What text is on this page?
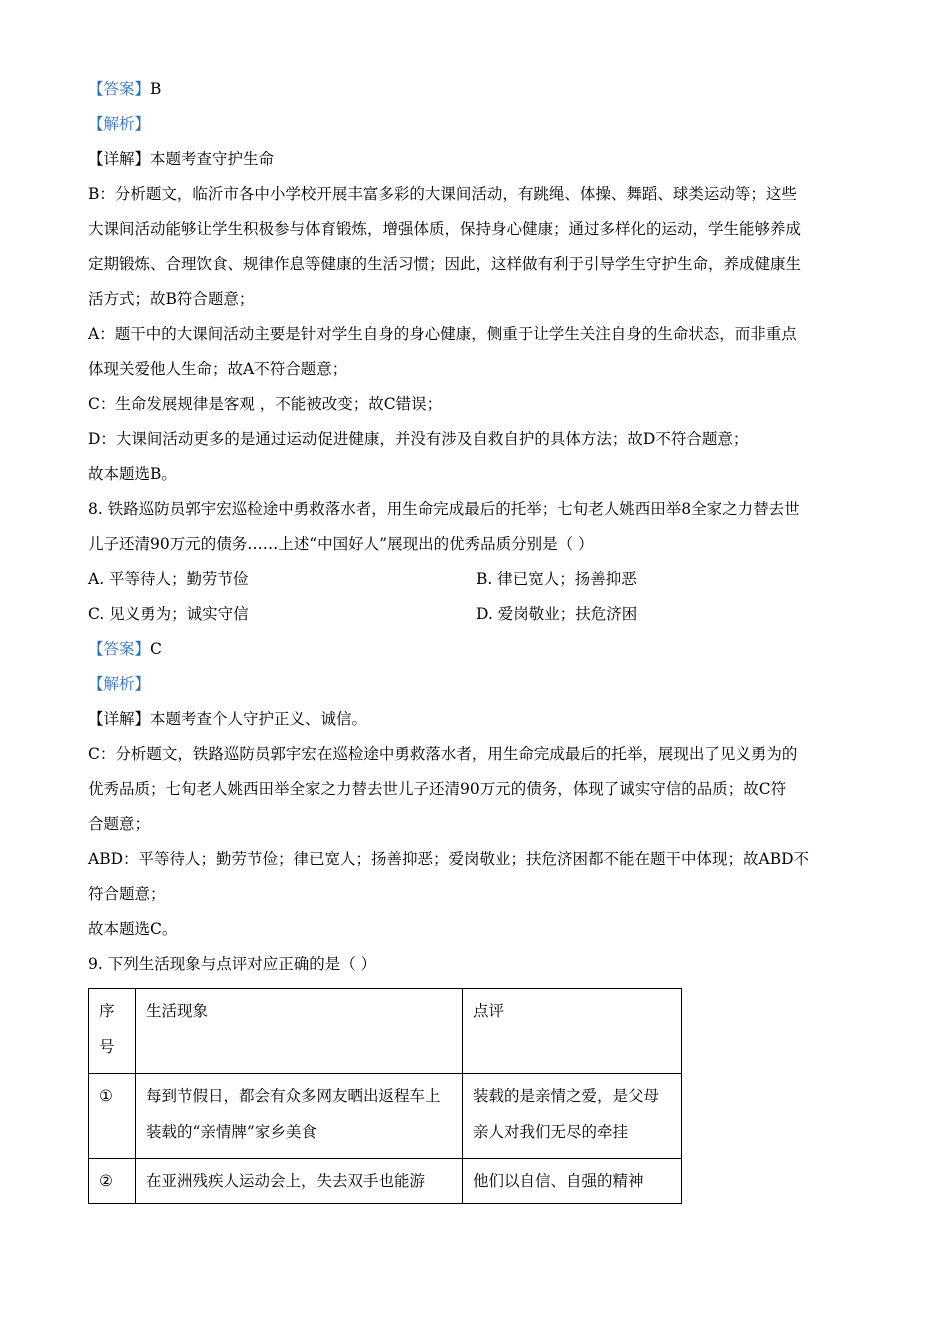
【答案】B
【解析】
【详解】本题考查守护生命
B：分析题文，临沂市各中小学校开展丰富多彩的大课间活动，有跳绳、体操、舞蹈、球类运动等；这些
大课间活动能够让学生积极参与体育锻炼，增强体质，保持身心健康；通过多样化的运动，学生能够养成
定期锻炼、合理饮食、规律作息等健康的生活习惯；因此，这样做有利于引导学生守护生命，养成健康生
活方式；故B符合题意；
A：题干中的大课间活动主要是针对学生自身的身心健康，侧重于让学生关注自身的生命状态，而非重点
体现关爱他人生命；故A不符合题意；
C：生命发展规律是客观 ，不能被改变；故C错误；
D：大课间活动更多的是通过运动促进健康，并没有涉及自救自护的具体方法；故D不符合题意；
故本题选B。
8. 铁路巡防员郭宇宏巡检途中勇救落水者，用生命完成最后的托举；七旬老人姚西田举8全家之力替去世
儿子还清90万元的债务……上述“中国好人”展现出的优秀品质分别是（ ）
A. 平等待人；勤劳节俭	B. 律已宽人；扬善抑恶
C. 见义勇为；诚实守信	D. 爱岗敬业；扶危济困
【答案】C
【解析】
【详解】本题考查个人守护正义、诚信。
C：分析题文，铁路巡防员郭宇宏在巡检途中勇救落水者，用生命完成最后的托举，展现出了见义勇为的
优秀品质；七旬老人姚西田举全家之力替去世儿子还清90万元的债务，体现了诚实守信的品质；故C符
合题意；
ABD：平等待人；勤劳节俭；律已宽人；扬善抑恶；爱岗敬业；扶危济困都不能在题干中体现；故ABD不
符合题意；
故本题选C。
9. 下列生活现象与点评对应正确的是（ ）
序号	生活现象	点评
①	每到节假日，都会有众多网友晒出返程车上装载的“亲情牌”家乡美食	装载的是亲情之爱，是父母亲人对我们无尽的牵挂
②	在亚洲残疾人运动会上，失去双手也能游	他们以自信、自强的精神
